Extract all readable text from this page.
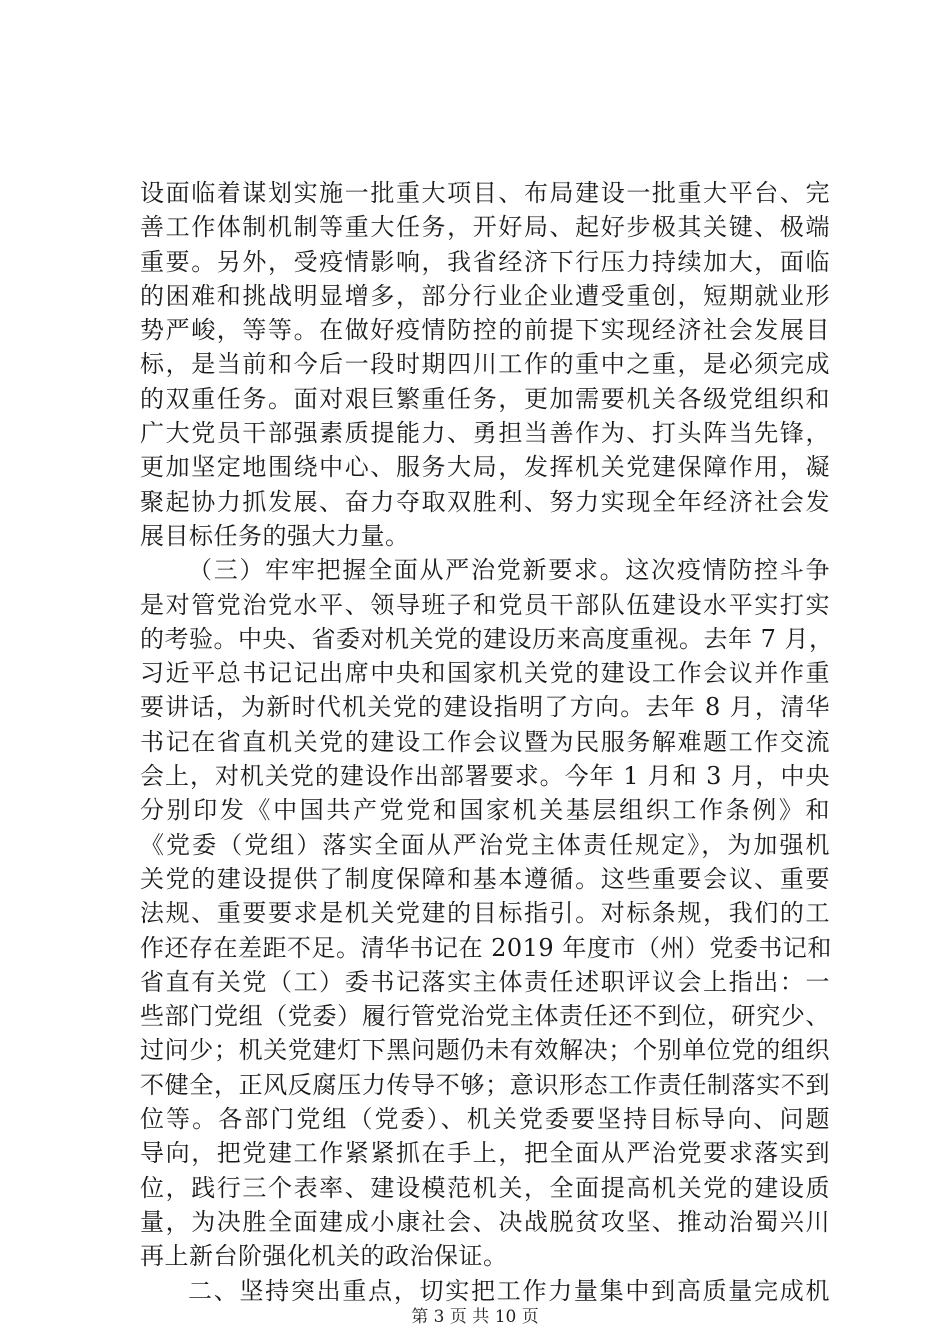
设面临着谋划实施一批重大项目、布局建设一批重大平台、完
善工作体制机制等重大任务，开好局、起好步极其关键、极端
重要。另外，受疫情影响，我省经济下行压力持续加大，面临
的困难和挑战明显增多，部分行业企业遭受重创，短期就业形
势严峻，等等。在做好疫情防控的前提下实现经济社会发展目
标，是当前和今后一段时期四川工作的重中之重，是必须完成
的双重任务。面对艰巨繁重任务，更加需要机关各级党组织和
广大党员干部强素质提能力、勇担当善作为、打头阵当先锋，
更加坚定地围绕中心、服务大局，发挥机关党建保障作用，凝
聚起协力抓发展、奋力夺取双胜利、努力实现全年经济社会发
展目标任务的强大力量。
（三）牢牢把握全面从严治党新要求。这次疫情防控斗争
是对管党治党水平、领导班子和党员干部队伍建设水平实打实
的考验。中央、省委对机关党的建设历来高度重视。去年 7 月，
习近平总书记记出席中央和国家机关党的建设工作会议并作重
要讲话，为新时代机关党的建设指明了方向。去年 8 月，清华
书记在省直机关党的建设工作会议暨为民服务解难题工作交流
会上，对机关党的建设作出部署要求。今年 1 月和 3 月，中央
分别印发《中国共产党党和国家机关基层组织工作条例》和
《党委（党组）落实全面从严治党主体责任规定》，为加强机
关党的建设提供了制度保障和基本遵循。这些重要会议、重要
法规、重要要求是机关党建的目标指引。对标条规，我们的工
作还存在差距不足。清华书记在 2019 年度市（州）党委书记和
省直有关党（工）委书记落实主体责任述职评议会上指出：一
些部门党组（党委）履行管党治党主体责任还不到位，研究少、
过问少；机关党建灯下黑问题仍未有效解决；个别单位党的组织
不健全，正风反腐压力传导不够；意识形态工作责任制落实不到
位等。各部门党组（党委）、机关党委要坚持目标导向、问题
导向，把党建工作紧紧抓在手上，把全面从严治党要求落实到
位，践行三个表率、建设模范机关，全面提高机关党的建设质
量，为决胜全面建成小康社会、决战脱贫攻坚、推动治蜀兴川
再上新台阶强化机关的政治保证。
二、坚持突出重点，切实把工作力量集中到高质量完成机
第 3 页 共 10 页
